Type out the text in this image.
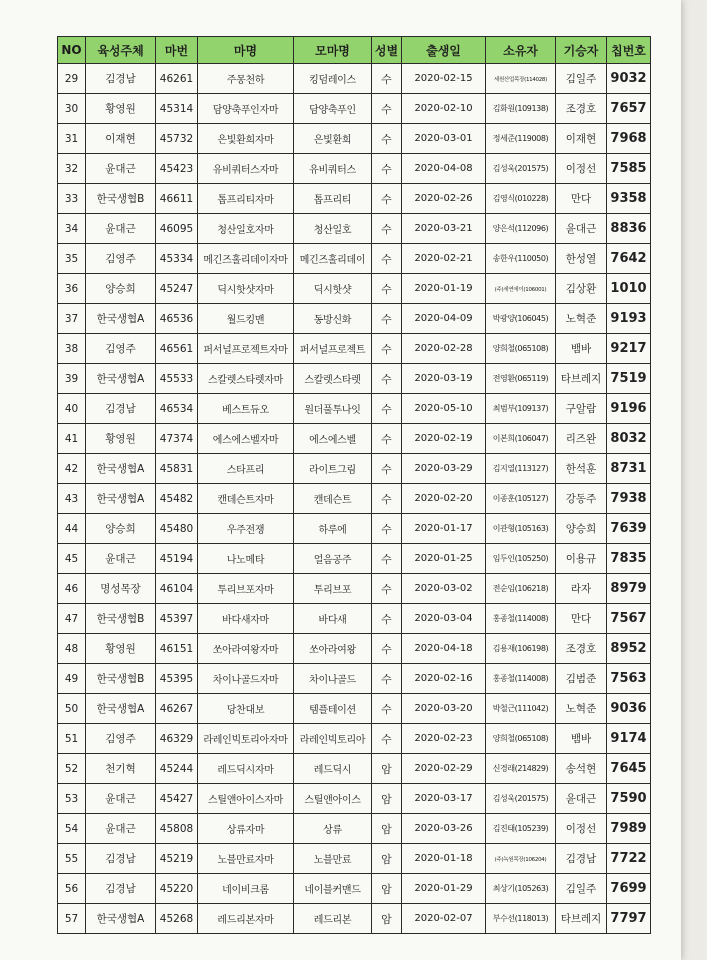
NO	육성주체	마번	마명	모마명	성별	출생일	소유자	기승자	칩번호
29	김경남	46261	주몽천하	킹덤레이스	수	2020-02-15	세원산업목장(114028)	김일주	9032
30	황영원	45314	담양축푸인자마	담양축푸인	수	2020-02-10	김화원(109138)	조경호	7657
31	이재현	45732	은빛환희자마	은빛환희	수	2020-03-01	정세준(119008)	이재현	7968
32	윤대근	45423	유비쿼터스자마	유비쿼터스	수	2020-04-08	김성욱(201575)	이정선	7585
33	한국생협B	46611	톱프리티자마	톱프리티	수	2020-02-26	김영식(010228)	만다	9358
34	윤대근	46095	청산일호자마	청산일호	수	2020-03-21	양은석(112096)	윤대근	8836
35	김영주	45334	메긴즈홀리데이자마	메긴즈홀리데이	수	2020-02-21	송한우(110050)	한성열	7642
36	양승희	45247	딕시핫샷자마	딕시핫샷	수	2020-01-19	(주)세연에이(106001)	김상환	1010
37	한국생협A	46536	월드킹맨	동방신화	수	2020-04-09	박광양(106045)	노혁준	9193
38	김영주	46561	퍼서널프로젝트자마	퍼서널프로젝트	수	2020-02-28	양희철(065108)	뱀바	9217
39	한국생협A	45533	스칼렛스타렛자마	스칼렛스타렛	수	2020-03-19	전영환(065119)	타브레지	7519
40	김경남	46534	베스트듀오	원더풀투나잇	수	2020-05-10	최범부(109137)	구알람	9196
41	황영원	47374	에스에스벨자마	에스에스벨	수	2020-02-19	이본희(106047)	리즈완	8032
42	한국생협A	45831	스타프리	라이트그림	수	2020-03-29	김지열(113127)	한석훈	8731
43	한국생협A	45482	캔데슨트자마	캔데슨트	수	2020-02-20	이종훈(105127)	강동주	7938
44	양승희	45480	우주전쟁	하루에	수	2020-01-17	이관형(105163)	양승희	7639
45	윤대근	45194	나노메타	얼음공주	수	2020-01-25	임두인(105250)	이용규	7835
46	명성목장	46104	투리브포자마	투리브포	수	2020-03-02	전순임(106218)	라자	8979
47	한국생협B	45397	바다새자마	바다새	수	2020-03-04	홍종철(114008)	만다	7567
48	황영원	46151	쏘아라여왕자마	쏘아라여왕	수	2020-04-18	김용재(106198)	조경호	8952
49	한국생협B	45395	차이나골드자마	차이나골드	수	2020-02-16	홍종철(114008)	김범준	7563
50	한국생협A	46267	당찬대보	템플테이션	수	2020-03-20	박철근(111042)	노혁준	9036
51	김영주	46329	라레인빅토리아자마	라레인빅토리아	수	2020-02-23	양희철(065108)	뱀바	9174
52	천기혁	45244	레드딕시자마	레드딕시	암	2020-02-29	신경래(214829)	송석현	7645
53	윤대근	45427	스틸앤아이스자마	스틸앤아이스	암	2020-03-17	김성욱(201575)	윤대근	7590
54	윤대근	45808	상류자마	상류	암	2020-03-26	김진태(105239)	이정선	7989
55	김경남	45219	노블만료자마	노블만료	암	2020-01-18	(주)녹원목장(106204)	김경남	7722
56	김경남	45220	네이비크롬	네이블커맨드	암	2020-01-29	최상기(105263)	김일주	7699
57	한국생협A	45268	레드리본자마	레드리본	암	2020-02-07	부수선(118013)	타브레지	7797
